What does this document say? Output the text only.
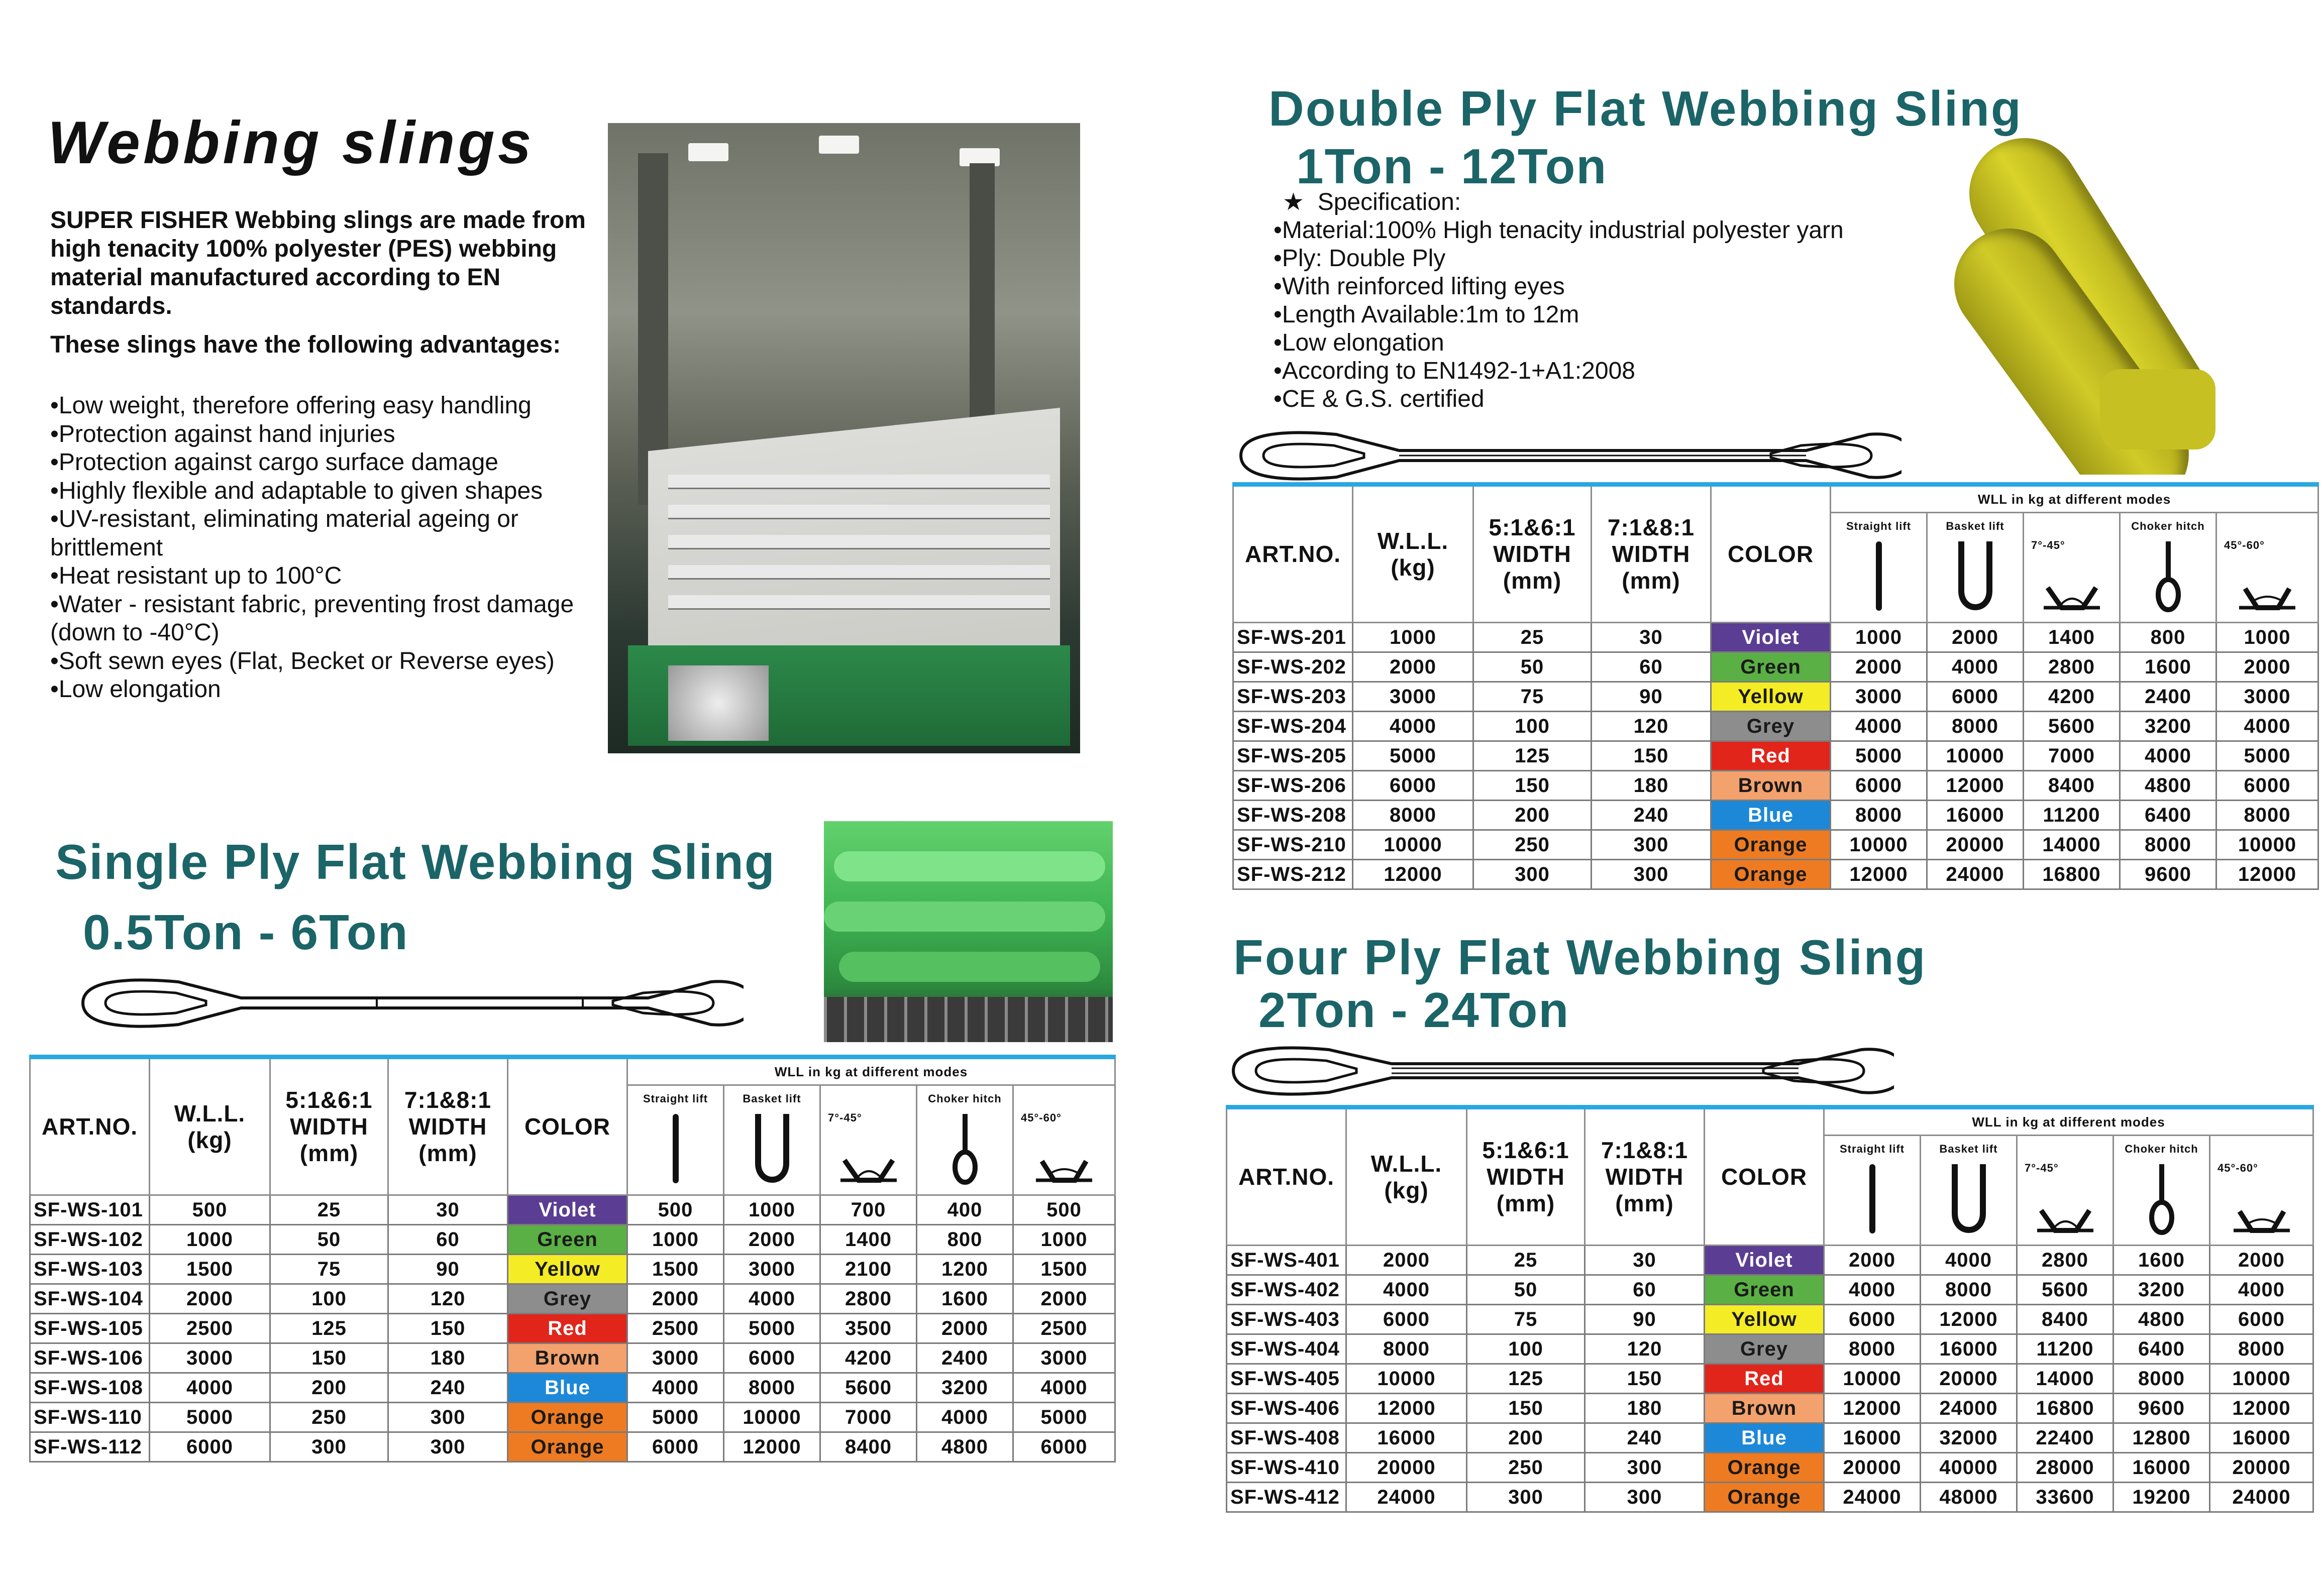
Webbing slings

SUPER FISHER Webbing slings are made from high tenacity 100% polyester (PES) webbing material manufactured according to EN standards.

These slings have the following advantages:

• Low weight, therefore offering easy handling
• Protection against hand injuries
• Protection against cargo surface damage
• Highly flexible and adaptable to given shapes
• UV-resistant, eliminating material ageing or brittlement
• Heat resistant up to 100°C
• Water - resistant fabric, preventing frost damage (down to -40°C)
• Soft sewn eyes (Flat, Becket or Reverse eyes)
• Low elongation
Single Ply Flat Webbing Sling
0.5Ton - 6Ton
ART.NO.	W.L.L. (kg)	5:1&6:1 WIDTH (mm)	7:1&8:1 WIDTH (mm)	COLOR	WLL in kg at different modes				

					Straight lift	Basket lift	7°-45°	Choker hitch	45°-60°

SF-WS-101	500	25	30	Violet	500	1000	700	400	500
SF-WS-102	1000	50	60	Green	1000	2000	1400	800	1000
SF-WS-103	1500	75	90	Yellow	1500	3000	2100	1200	1500
SF-WS-104	2000	100	120	Grey	2000	4000	2800	1600	2000
SF-WS-105	2500	125	150	Red	2500	5000	3500	2000	2500
SF-WS-106	3000	150	180	Brown	3000	6000	4200	2400	3000
SF-WS-108	4000	200	240	Blue	4000	8000	5600	3200	4000
SF-WS-110	5000	250	300	Orange	5000	10000	7000	4000	5000
SF-WS-112	6000	300	300	Orange	6000	12000	8400	4800	6000
Double Ply Flat Webbing Sling
1Ton - 12Ton
★  Specification:
• Material:100% High tenacity industrial polyester yarn
• Ply: Double Ply
• With reinforced lifting eyes
• Length Available:1m to 12m
• Low elongation
• According to EN1492-1+A1:2008
• CE & G.S. certified
ART.NO.	W.L.L. (kg)	5:1&6:1 WIDTH (mm)	7:1&8:1 WIDTH (mm)	COLOR	WLL in kg at different modes				

					Straight lift	Basket lift	7°-45°	Choker hitch	45°-60°

SF-WS-201	1000	25	30	Violet	1000	2000	1400	800	1000
SF-WS-202	2000	50	60	Green	2000	4000	2800	1600	2000
SF-WS-203	3000	75	90	Yellow	3000	6000	4200	2400	3000
SF-WS-204	4000	100	120	Grey	4000	8000	5600	3200	4000
SF-WS-205	5000	125	150	Red	5000	10000	7000	4000	5000
SF-WS-206	6000	150	180	Brown	6000	12000	8400	4800	6000
SF-WS-208	8000	200	240	Blue	8000	16000	11200	6400	8000
SF-WS-210	10000	250	300	Orange	10000	20000	14000	8000	10000
SF-WS-212	12000	300	300	Orange	12000	24000	16800	9600	12000
Four Ply Flat Webbing Sling
2Ton - 24Ton
ART.NO.	W.L.L. (kg)	5:1&6:1 WIDTH (mm)	7:1&8:1 WIDTH (mm)	COLOR	WLL in kg at different modes				

					Straight lift	Basket lift	7°-45°	Choker hitch	45°-60°

SF-WS-401	2000	25	30	Violet	2000	4000	2800	1600	2000
SF-WS-402	4000	50	60	Green	4000	8000	5600	3200	4000
SF-WS-403	6000	75	90	Yellow	6000	12000	8400	4800	6000
SF-WS-404	8000	100	120	Grey	8000	16000	11200	6400	8000
SF-WS-405	10000	125	150	Red	10000	20000	14000	8000	10000
SF-WS-406	12000	150	180	Brown	12000	24000	16800	9600	12000
SF-WS-408	16000	200	240	Blue	16000	32000	22400	12800	16000
SF-WS-410	20000	250	300	Orange	20000	40000	28000	16000	20000
SF-WS-412	24000	300	300	Orange	24000	48000	33600	19200	24000
